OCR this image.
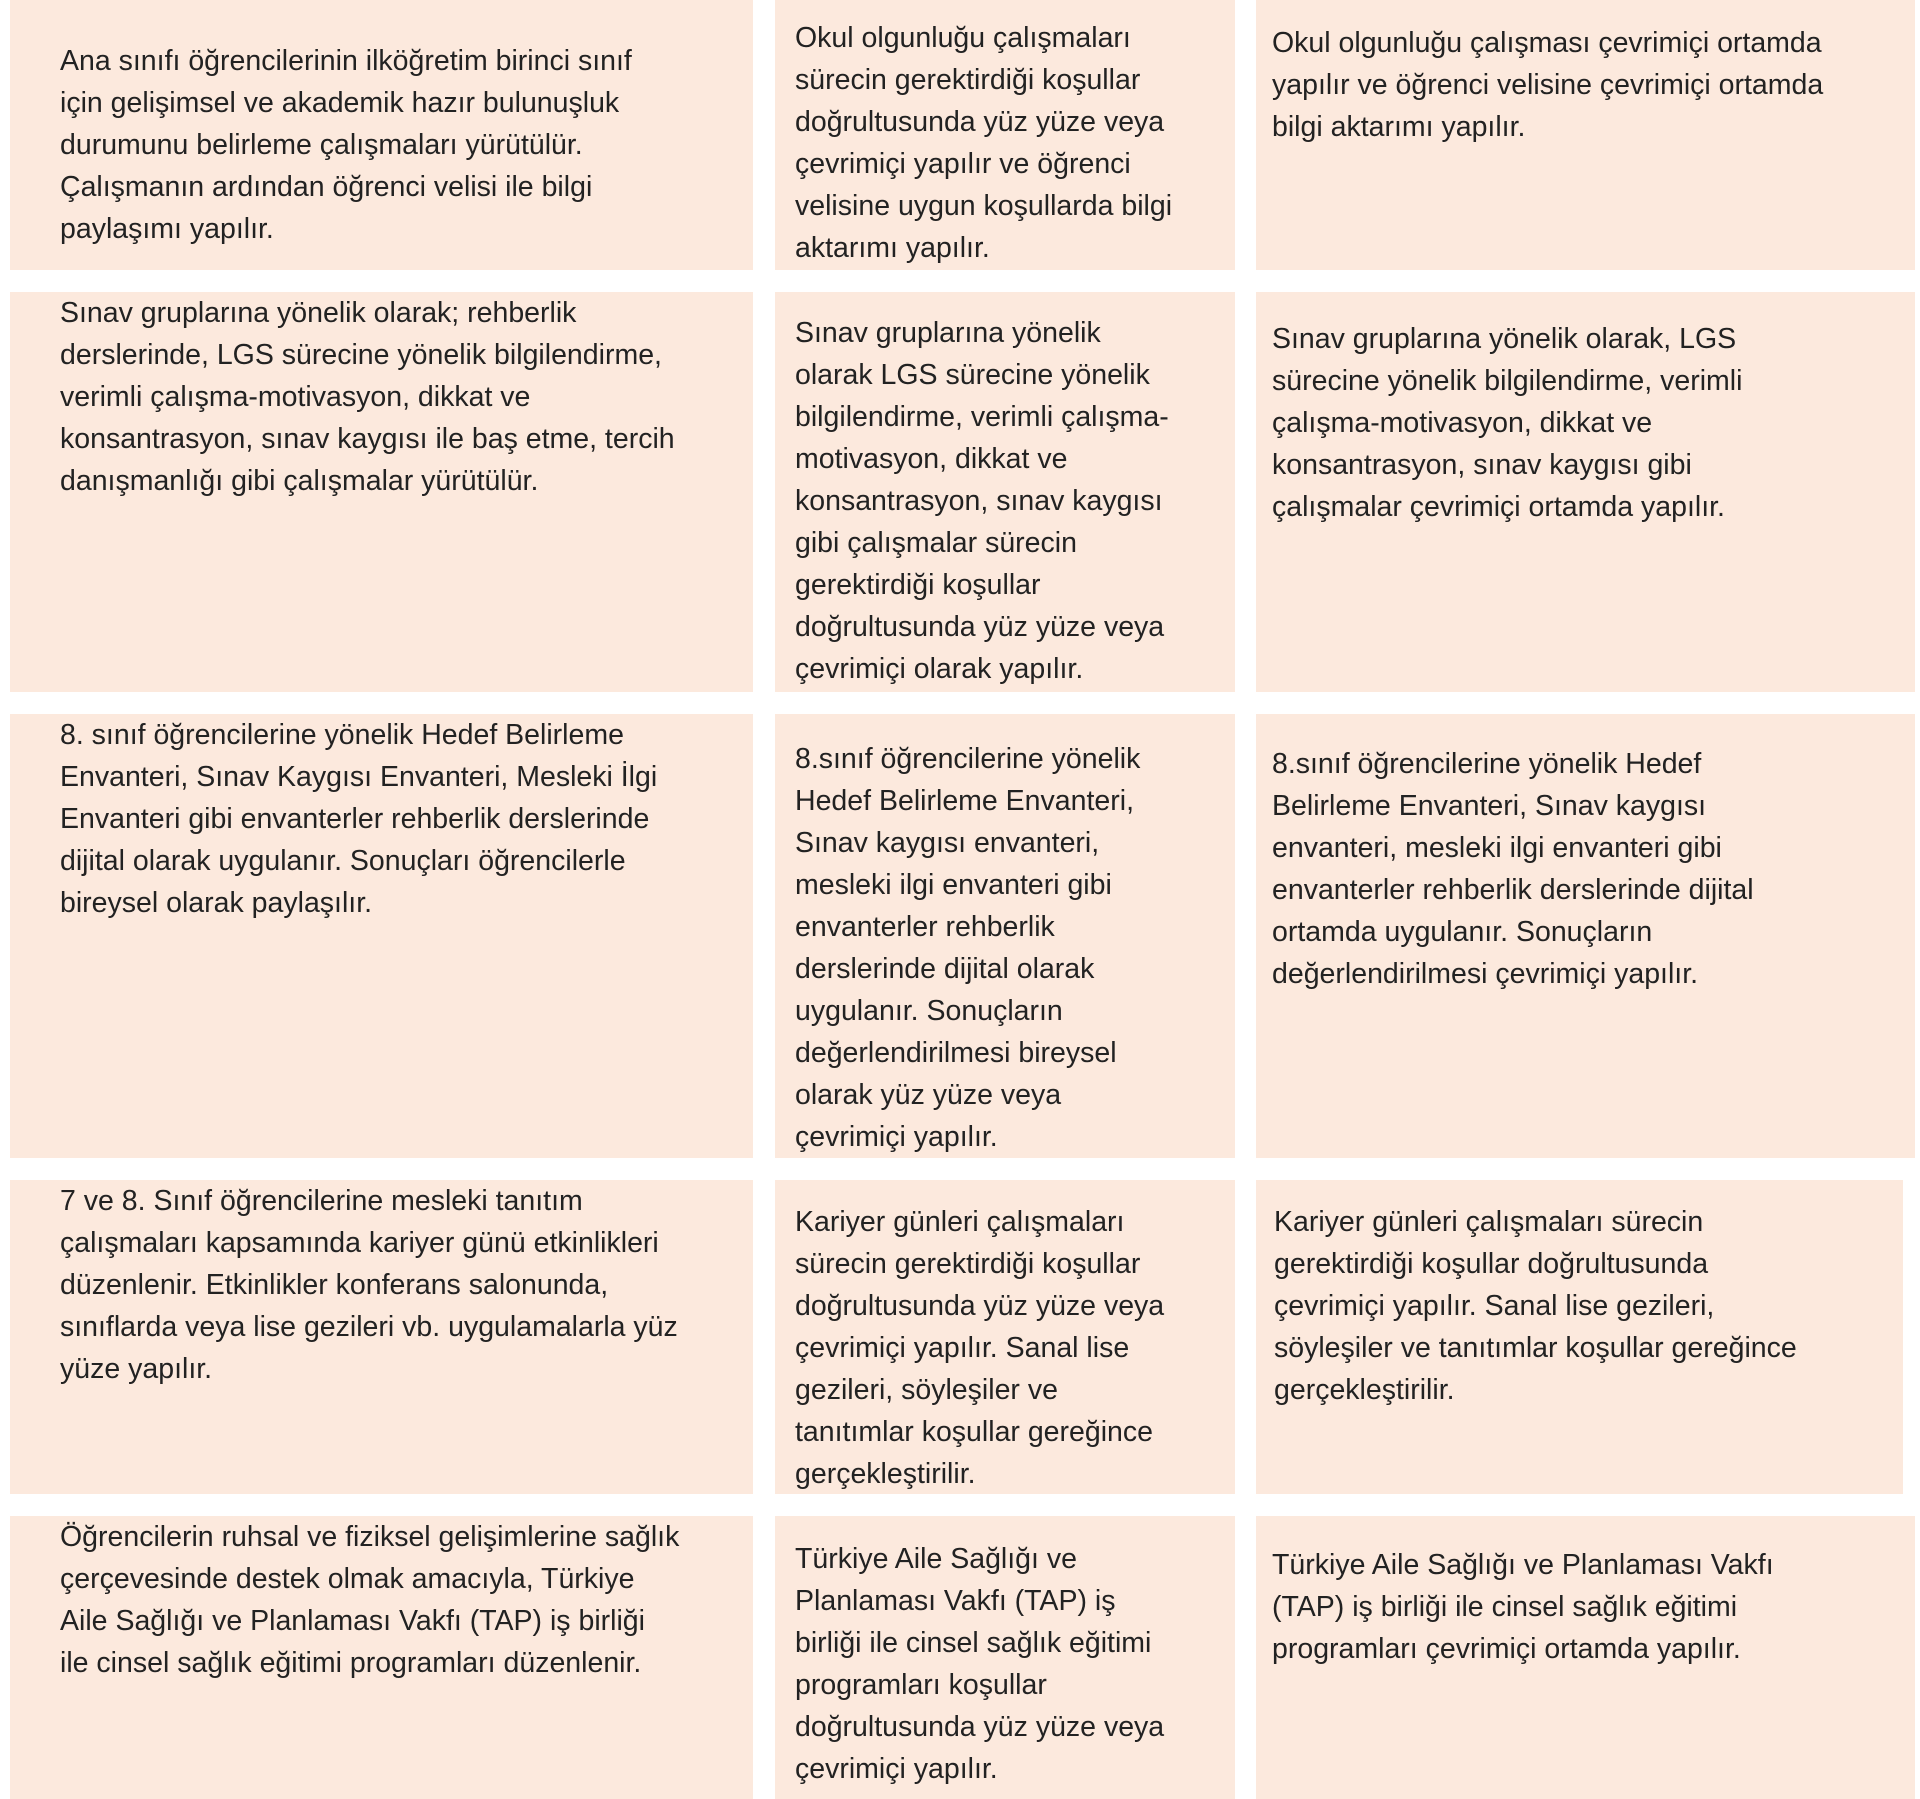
Ana sınıfı öğrencilerinin ilköğretim birinci sınıf
için gelişimsel ve akademik hazır bulunuşluk
durumunu belirleme çalışmaları yürütülür.
Çalışmanın ardından öğrenci velisi ile bilgi
paylaşımı yapılır.

Okul olgunluğu çalışmaları
sürecin gerektirdiği koşullar
doğrultusunda yüz yüze veya
çevrimiçi yapılır ve öğrenci
velisine uygun koşullarda bilgi
aktarımı yapılır.

Okul olgunluğu çalışması çevrimiçi ortamda
yapılır ve öğrenci velisine çevrimiçi ortamda
bilgi aktarımı yapılır.

Sınav gruplarına yönelik olarak; rehberlik
derslerinde, LGS sürecine yönelik bilgilendirme,
verimli çalışma-motivasyon, dikkat ve
konsantrasyon, sınav kaygısı ile baş etme, tercih
danışmanlığı gibi çalışmalar yürütülür.

Sınav gruplarına yönelik
olarak LGS sürecine yönelik
bilgilendirme, verimli çalışma-
motivasyon, dikkat ve
konsantrasyon, sınav kaygısı
gibi çalışmalar sürecin
gerektirdiği koşullar
doğrultusunda yüz yüze veya
çevrimiçi olarak yapılır.

Sınav gruplarına yönelik olarak, LGS
sürecine yönelik bilgilendirme, verimli
çalışma-motivasyon, dikkat ve
konsantrasyon, sınav kaygısı gibi
çalışmalar çevrimiçi ortamda yapılır.

8. sınıf öğrencilerine yönelik Hedef Belirleme
Envanteri, Sınav Kaygısı Envanteri, Mesleki İlgi
Envanteri gibi envanterler rehberlik derslerinde
dijital olarak uygulanır. Sonuçları öğrencilerle
bireysel olarak paylaşılır.

8.sınıf öğrencilerine yönelik
Hedef Belirleme Envanteri,
Sınav kaygısı envanteri,
mesleki ilgi envanteri gibi
envanterler rehberlik
derslerinde dijital olarak
uygulanır. Sonuçların
değerlendirilmesi bireysel
olarak yüz yüze veya
çevrimiçi yapılır.

8.sınıf öğrencilerine yönelik Hedef
Belirleme Envanteri, Sınav kaygısı
envanteri, mesleki ilgi envanteri gibi
envanterler rehberlik derslerinde dijital
ortamda uygulanır. Sonuçların
değerlendirilmesi çevrimiçi yapılır.

7 ve 8. Sınıf öğrencilerine mesleki tanıtım
çalışmaları kapsamında kariyer günü etkinlikleri
düzenlenir. Etkinlikler konferans salonunda,
sınıflarda veya lise gezileri vb. uygulamalarla yüz
yüze yapılır.

Kariyer günleri çalışmaları
sürecin gerektirdiği koşullar
doğrultusunda yüz yüze veya
çevrimiçi yapılır. Sanal lise
gezileri, söyleşiler ve
tanıtımlar koşullar gereğince
gerçekleştirilir.

Kariyer günleri çalışmaları sürecin
gerektirdiği koşullar doğrultusunda
çevrimiçi yapılır. Sanal lise gezileri,
söyleşiler ve tanıtımlar koşullar gereğince
gerçekleştirilir.

Öğrencilerin ruhsal ve fiziksel gelişimlerine sağlık
çerçevesinde destek olmak amacıyla, Türkiye
Aile Sağlığı ve Planlaması Vakfı (TAP) iş birliği
ile cinsel sağlık eğitimi programları düzenlenir.

Türkiye Aile Sağlığı ve
Planlaması Vakfı (TAP) iş
birliği ile cinsel sağlık eğitimi
programları koşullar
doğrultusunda yüz yüze veya
çevrimiçi yapılır.

Türkiye Aile Sağlığı ve Planlaması Vakfı
(TAP) iş birliği ile cinsel sağlık eğitimi
programları çevrimiçi ortamda yapılır.
